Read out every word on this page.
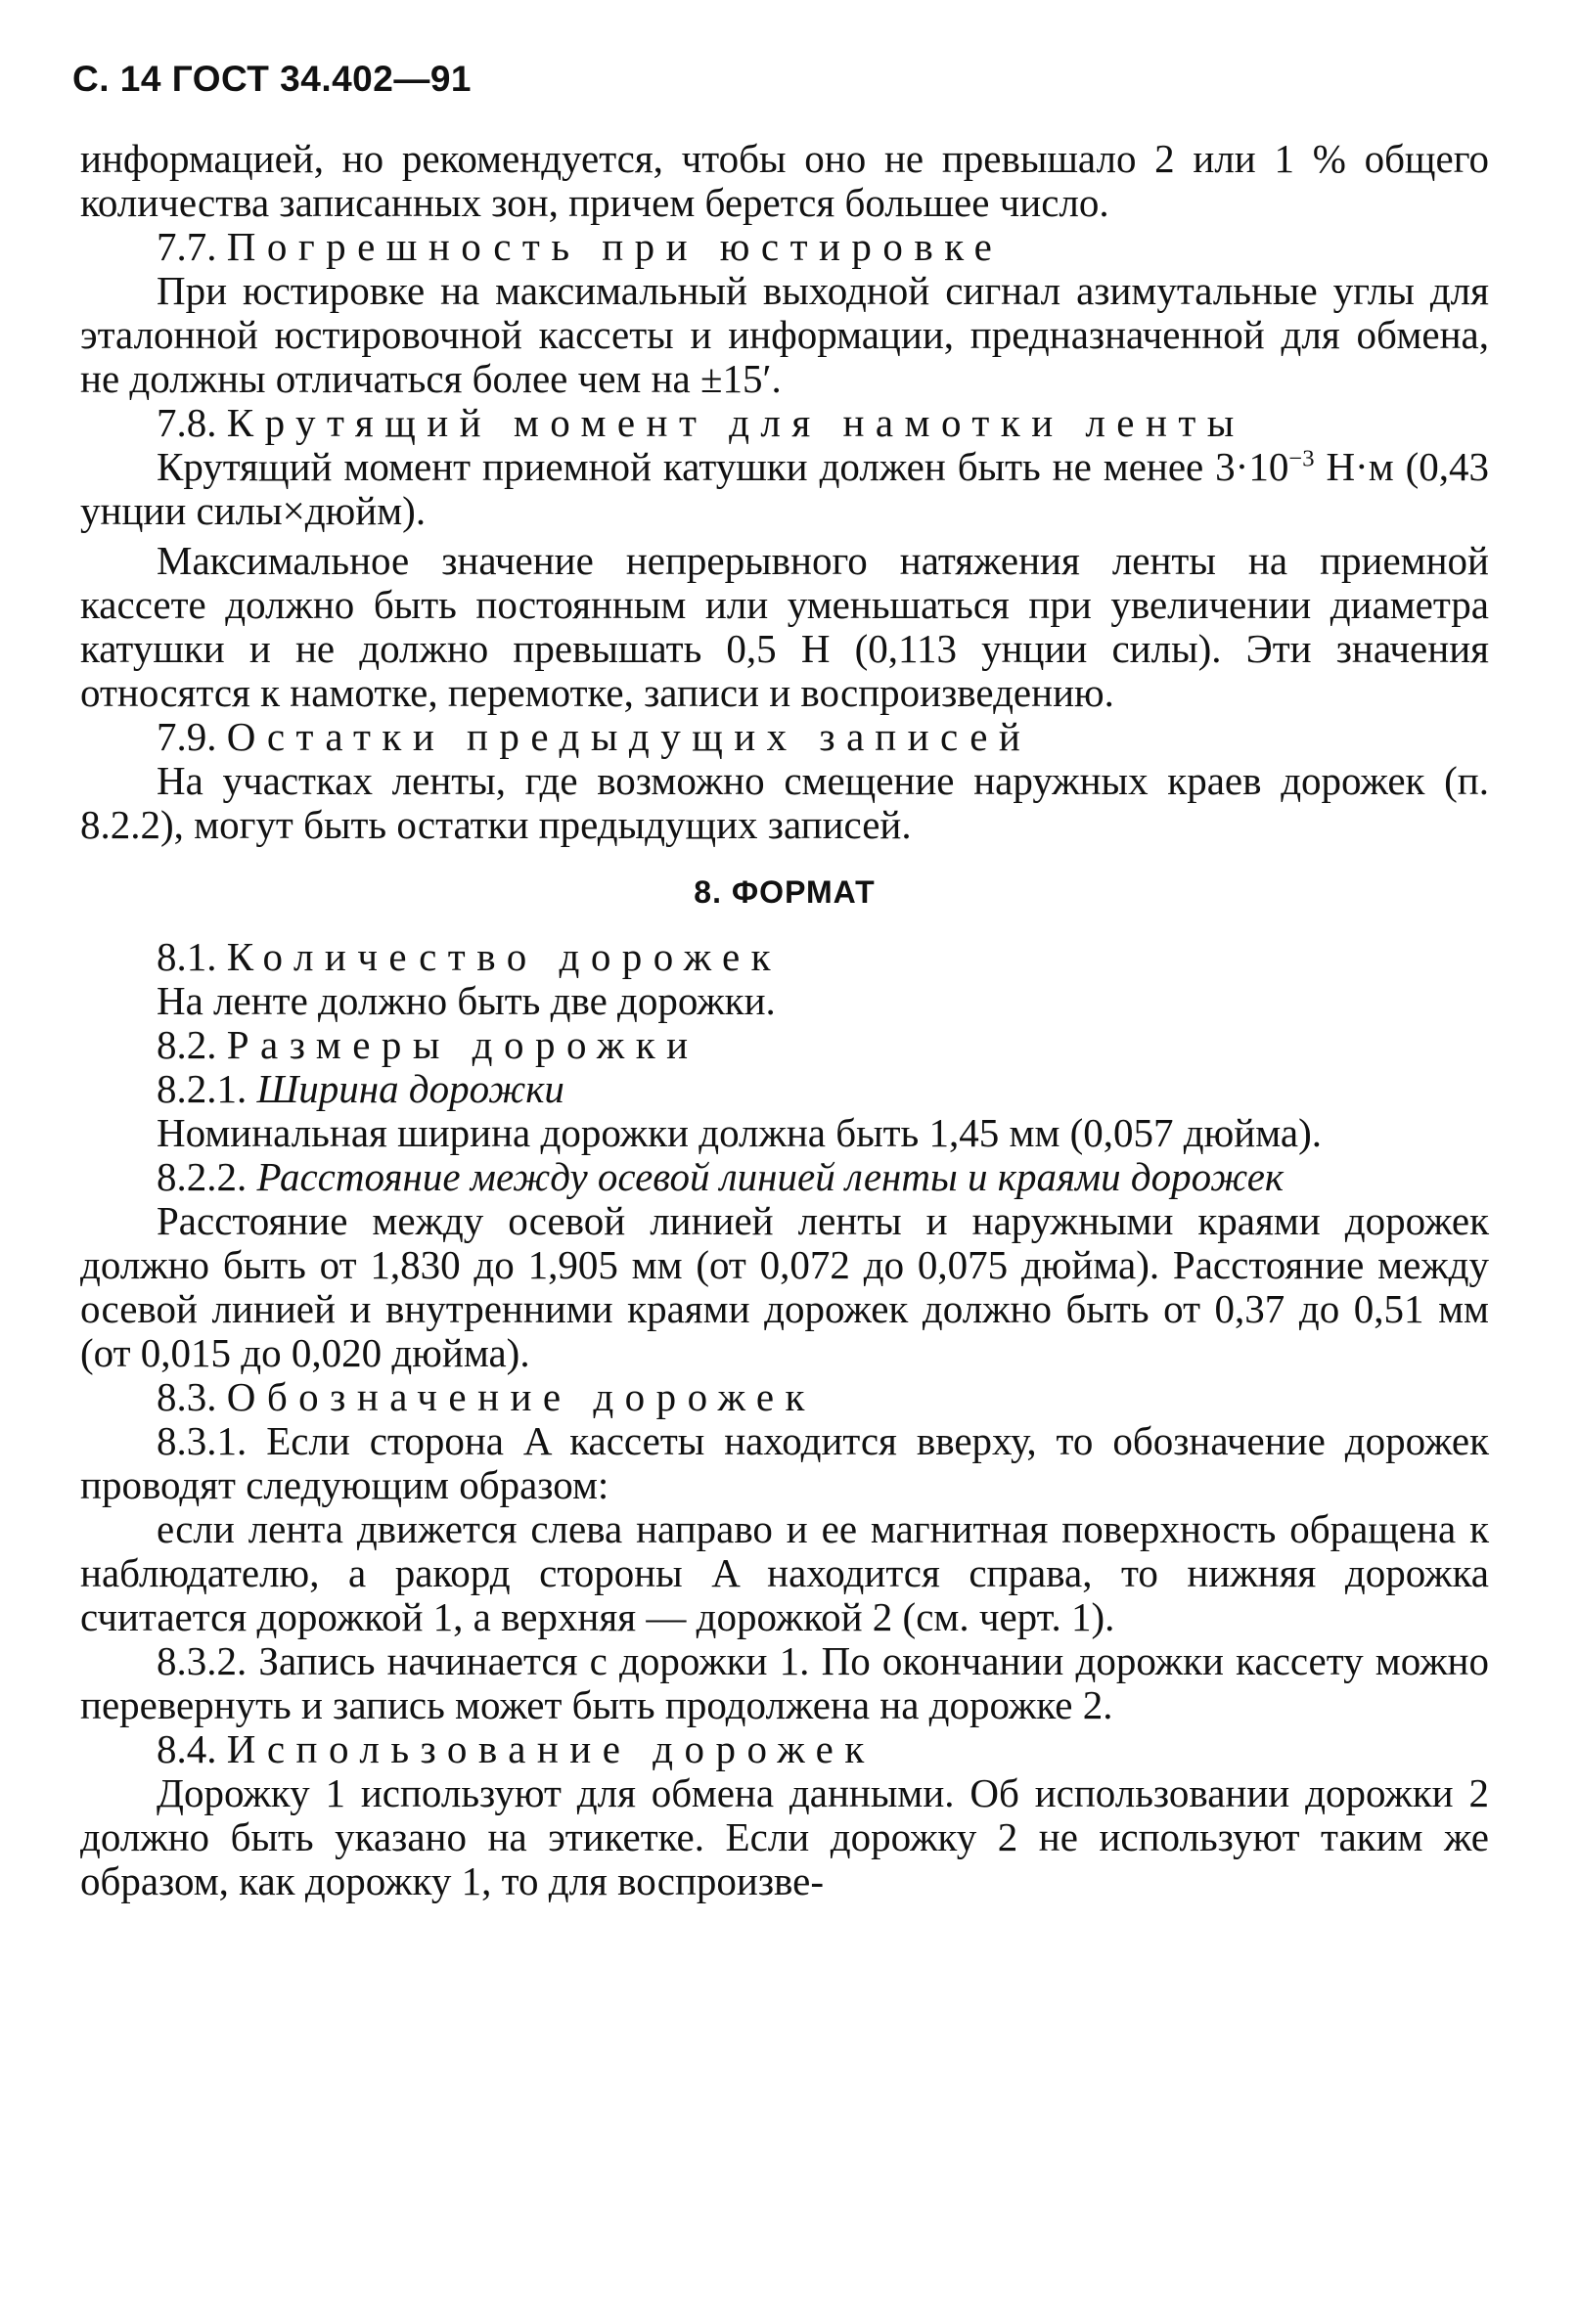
С. 14 ГОСТ 34.402—91

информацией, но рекомендуется, чтобы оно не превышало 2 или 1 % общего количества записанных зон, причем берется большее число.

7.7. Погрешность при юстировке

При юстировке на максимальный выходной сигнал азимутальные углы для эталонной юстировочной кассеты и информации, предназначенной для обмена, не должны отличаться более чем на ±15′.

7.8. Крутящий момент для намотки ленты

Крутящий момент приемной катушки должен быть не менее $3\cdot 10^{-3}$ Н·м (0,43 унции силы×дюйм).

Максимальное значение непрерывного натяжения ленты на приемной кассете должно быть постоянным или уменьшаться при увеличении диаметра катушки и не должно превышать 0,5 Н (0,113 унции силы). Эти значения относятся к намотке, перемотке, записи и воспроизведению.

7.9. Остатки предыдущих записей

На участках ленты, где возможно смещение наружных краев дорожек (п. 8.2.2), могут быть остатки предыдущих записей.

8. ФОРМАТ

8.1. Количество дорожек

На ленте должно быть две дорожки.

8.2. Размеры дорожки

8.2.1. Ширина дорожки

Номинальная ширина дорожки должна быть 1,45 мм (0,057 дюйма).

8.2.2. Расстояние между осевой линией ленты и краями дорожек

Расстояние между осевой линией ленты и наружными краями дорожек должно быть от 1,830 до 1,905 мм (от 0,072 до 0,075 дюйма). Расстояние между осевой линией и внутренними краями дорожек должно быть от 0,37 до 0,51 мм (от 0,015 до 0,020 дюйма).

8.3. Обозначение дорожек

8.3.1. Если сторона A кассеты находится вверху, то обозначение дорожек проводят следующим образом:

если лента движется слева направо и ее магнитная поверхность обращена к наблюдателю, а ракорд стороны A находится справа, то нижняя дорожка считается дорожкой 1, а верхняя — дорожкой 2 (см. черт. 1).

8.3.2. Запись начинается с дорожки 1. По окончании дорожки кассету можно перевернуть и запись может быть продолжена на дорожке 2.

8.4. Использование дорожек

Дорожку 1 используют для обмена данными. Об использовании дорожки 2 должно быть указано на этикетке. Если дорожку 2 не используют таким же образом, как дорожку 1, то для воспроизве-
